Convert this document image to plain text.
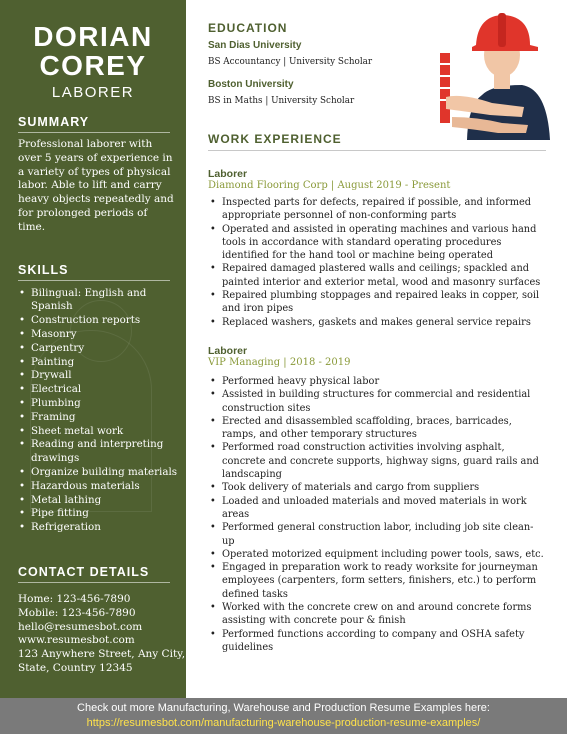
DORIAN
COREY
LABORER
SUMMARY
Professional laborer with over 5 years of experience in a variety of types of physical labor. Able to lift and carry heavy objects repeatedly and for prolonged periods of time.
SKILLS
• Bilingual: English and Spanish
• Construction reports
• Masonry
• Carpentry
• Painting
• Drywall
• Electrical
• Plumbing
• Framing
• Sheet metal work
• Reading and interpreting drawings
• Organize building materials
• Hazardous materials
• Metal lathing
• Pipe fitting
• Refrigeration
CONTACT DETAILS
Home: 123-456-7890
Mobile: 123-456-7890
hello@resumesbot.com
www.resumesbot.com
123 Anywhere Street, Any City,
State, Country 12345
EDUCATION
San Dias University
BS Accountancy | University Scholar
Boston University
BS in Maths | University Scholar
WORK EXPERIENCE
Laborer
Diamond Flooring Corp | August 2019 - Present
• Inspected parts for defects, repaired if possible, and informed appropriate personnel of non-conforming parts
• Operated and assisted in operating machines and various hand tools in accordance with standard operating procedures identified for the hand tool or machine being operated
• Repaired damaged plastered walls and ceilings; spackled and painted interior and exterior metal, wood and masonry surfaces
• Repaired plumbing stoppages and repaired leaks in copper, soil and iron pipes
• Replaced washers, gaskets and makes general service repairs
Laborer
VIP Managing | 2018 - 2019
• Performed heavy physical labor
• Assisted in building structures for commercial and residential construction sites
• Erected and disassembled scaffolding, braces, barricades, ramps, and other temporary structures
• Performed road construction activities involving asphalt, concrete and concrete supports, highway signs, guard rails and landscaping
• Took delivery of materials and cargo from suppliers
• Loaded and unloaded materials and moved materials in work areas
• Performed general construction labor, including job site clean-up
• Operated motorized equipment including power tools, saws, etc.
• Engaged in preparation work to ready worksite for journeyman employees (carpenters, form setters, finishers, etc.) to perform defined tasks
• Worked with the concrete crew on and around concrete forms assisting with concrete pour & finish
• Performed functions according to company and OSHA safety guidelines
Check out more Manufacturing, Warehouse and Production Resume Examples here:
https://resumesbot.com/manufacturing-warehouse-production-resume-examples/
